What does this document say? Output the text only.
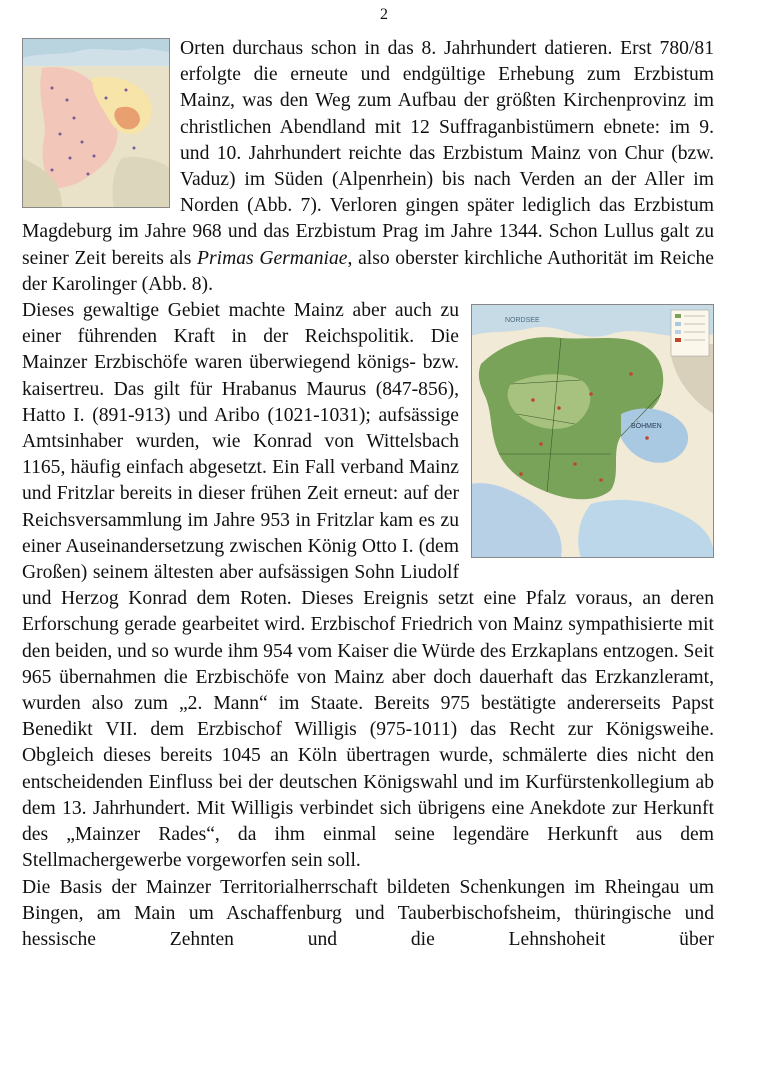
2

Orten durchaus schon in das 8. Jahrhundert datieren. Erst 780/81 erfolgte die erneute und endgültige Erhebung zum Erzbistum Mainz, was den Weg zum Aufbau der größten Kirchenprovinz im christlichen Abendland mit 12 Suffraganbistümern ebnete: im 9. und 10. Jahrhundert reichte das Erzbistum Mainz von Chur (bzw. Vaduz) im Süden (Alpenrhein) bis nach Verden an der Aller im Norden (Abb. 7). Verloren gingen später lediglich das Erzbistum Magdeburg im Jahre 968 und das Erzbistum Prag im Jahre 1344. Schon Lullus galt zu seiner Zeit bereits als Primas Germaniae, also oberster kirchliche Authorität im Reiche der Karolinger (Abb. 8).

NORDSEE
BÖHMEN

Dieses gewaltige Gebiet machte Mainz aber auch zu einer führenden Kraft in der Reichspolitik. Die Mainzer Erzbischöfe waren überwiegend königs- bzw. kaisertreu. Das gilt für Hrabanus Maurus (847-856), Hatto I. (891-913) und Aribo (1021-1031); aufsässige Amtsinhaber wurden, wie Konrad von Wittelsbach 1165, häufig einfach abgesetzt. Ein Fall verband Mainz und Fritzlar bereits in dieser frühen Zeit erneut: auf der Reichsversammlung im Jahre 953 in Fritzlar kam es zu einer Auseinandersetzung zwischen König Otto I. (dem Großen) seinem ältesten aber aufsässigen Sohn Liudolf und Herzog Konrad dem Roten. Dieses Ereignis setzt eine Pfalz voraus, an deren Erforschung gerade gearbeitet wird. Erzbischof Friedrich von Mainz sympathisierte mit den beiden, und so wurde ihm 954 vom Kaiser die Würde des Erzkaplans entzogen. Seit 965 übernahmen die Erzbischöfe von Mainz aber doch dauerhaft das Erzkanzleramt, wurden also zum „2. Mann“ im Staate. Bereits 975 bestätigte andererseits Papst Benedikt VII. dem Erzbischof Willigis (975-1011) das Recht zur Königsweihe. Obgleich dieses bereits 1045 an Köln übertragen wurde, schmälerte dies nicht den entscheidenden Einfluss bei der deutschen Königswahl und im Kurfürstenkollegium ab dem 13. Jahrhundert. Mit Willigis verbindet sich übrigens eine Anekdote zur Herkunft des „Mainzer Rades“, da ihm einmal seine legendäre Herkunft aus dem Stellmachergewerbe vorgeworfen sein soll.

Die Basis der Mainzer Territorialherrschaft bildeten Schenkungen im Rheingau um Bingen, am Main um Aschaffenburg und Tauberbischofsheim, thüringische und hessische Zehnten und die Lehnshoheit über
